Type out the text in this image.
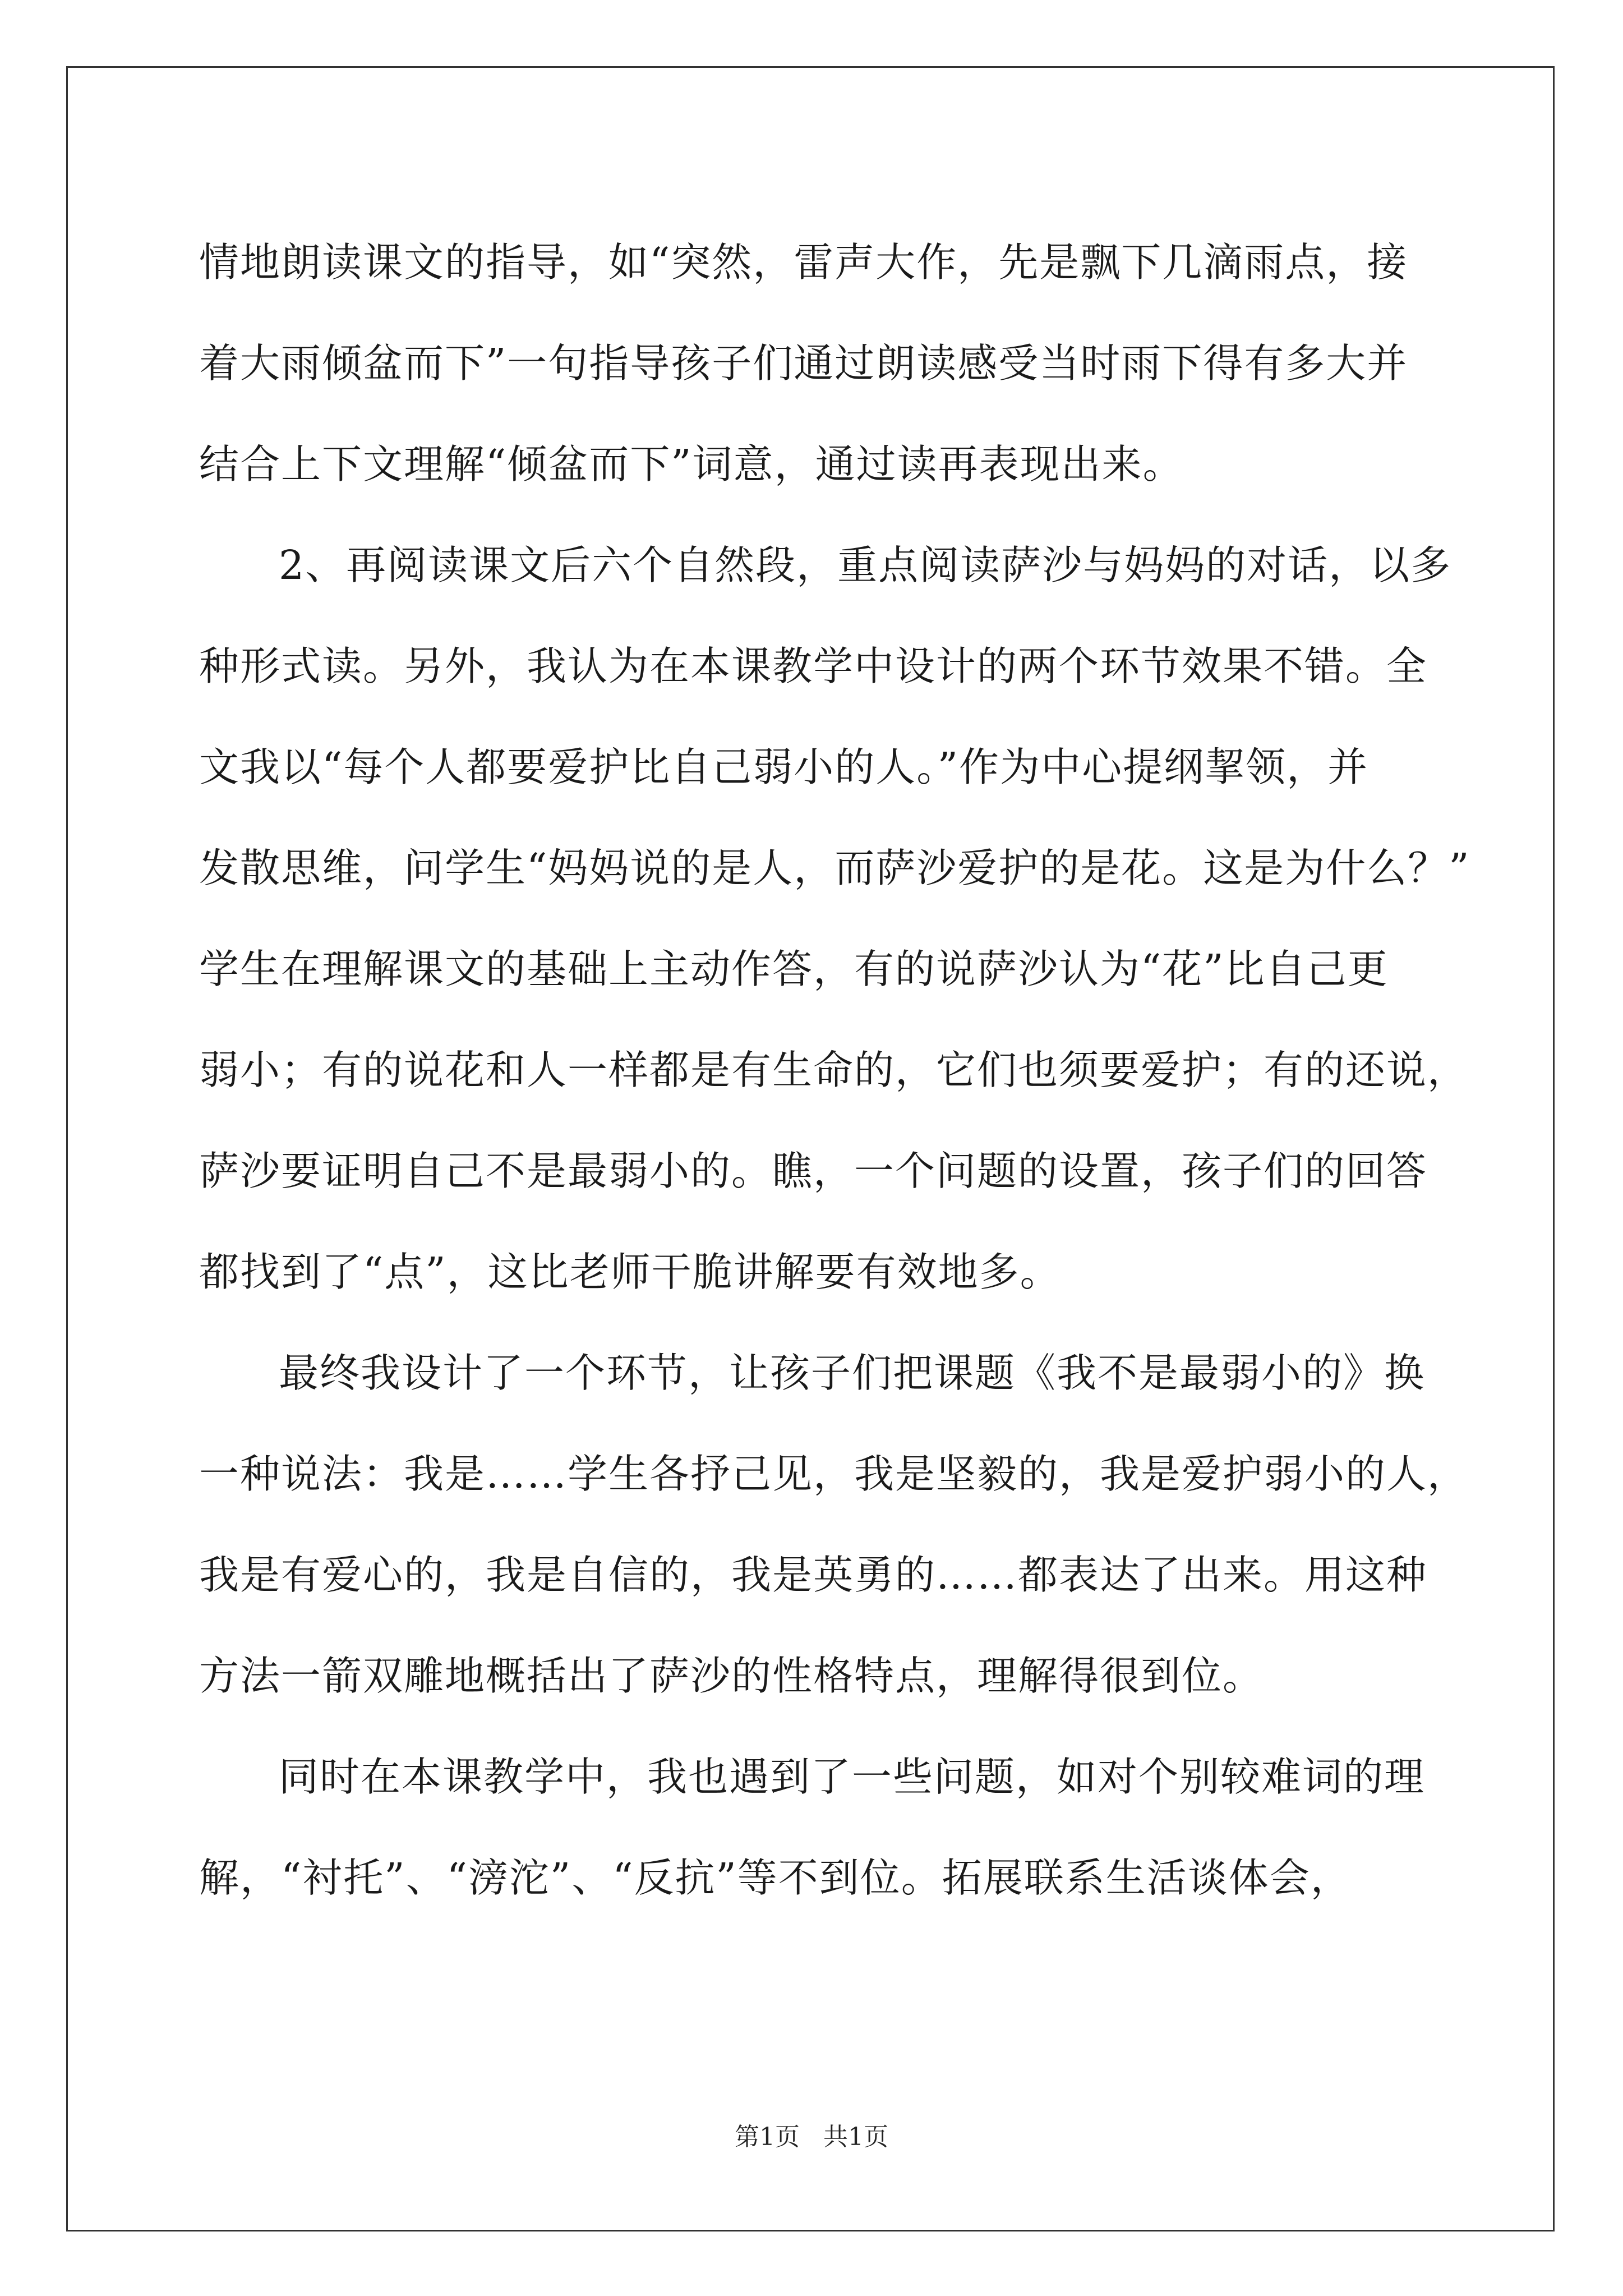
情地朗读课文的指导，如“突然，雷声大作，先是飘下几滴雨点，接
着大雨倾盆而下”一句指导孩子们通过朗读感受当时雨下得有多大并
结合上下文理解“倾盆而下”词意，通过读再表现出来。
2、再阅读课文后六个自然段，重点阅读萨沙与妈妈的对话，以多
种形式读。另外，我认为在本课教学中设计的两个环节效果不错。全
文我以“每个人都要爱护比自己弱小的人。”作为中心提纲挈领，并
发散思维，问学生“妈妈说的是人，而萨沙爱护的是花。这是为什么？”
学生在理解课文的基础上主动作答，有的说萨沙认为“花”比自己更
弱小；有的说花和人一样都是有生命的，它们也须要爱护；有的还说，
萨沙要证明自己不是最弱小的。瞧，一个问题的设置，孩子们的回答
都找到了“点”，这比老师干脆讲解要有效地多。
最终我设计了一个环节，让孩子们把课题《我不是最弱小的》换
一种说法：我是……学生各抒己见，我是坚毅的，我是爱护弱小的人，
我是有爱心的，我是自信的，我是英勇的……都表达了出来。用这种
方法一箭双雕地概括出了萨沙的性格特点，理解得很到位。
同时在本课教学中，我也遇到了一些问题，如对个别较难词的理
解，“衬托”、“滂沱”、“反抗”等不到位。拓展联系生活谈体会，
第1页   共1页
